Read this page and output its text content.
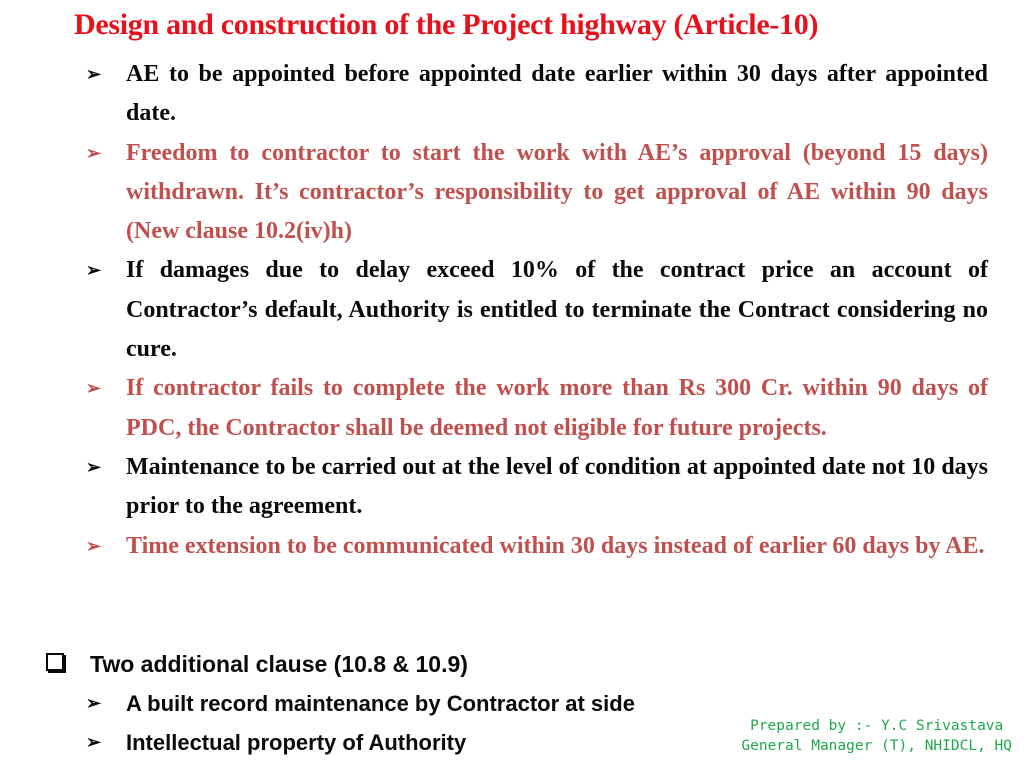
Design and construction of the Project highway (Article-10)
➢ AE to be appointed before appointed date earlier within 30 days after appointed date.
➢ Freedom to contractor to start the work with AE’s approval (beyond 15 days) withdrawn. It’s contractor’s responsibility to get approval of AE within 90 days (New clause 10.2(iv)h)
➢ If damages due to delay exceed 10% of the contract price an account of Contractor’s default, Authority is entitled to terminate the Contract considering no cure.
➢ If contractor fails to complete the work more than Rs 300 Cr. within 90 days of PDC, the Contractor shall be deemed not eligible for future projects.
➢ Maintenance to be carried out at the level of condition at appointed date not 10 days prior to the agreement.
➢ Time extension to be communicated within 30 days instead of earlier 60 days by AE.
Two additional clause (10.8 & 10.9)
➢ A built record maintenance by Contractor at side
➢ Intellectual property of Authority
Prepared by :- Y.C Srivastava
General Manager (T), NHIDCL, HQ
